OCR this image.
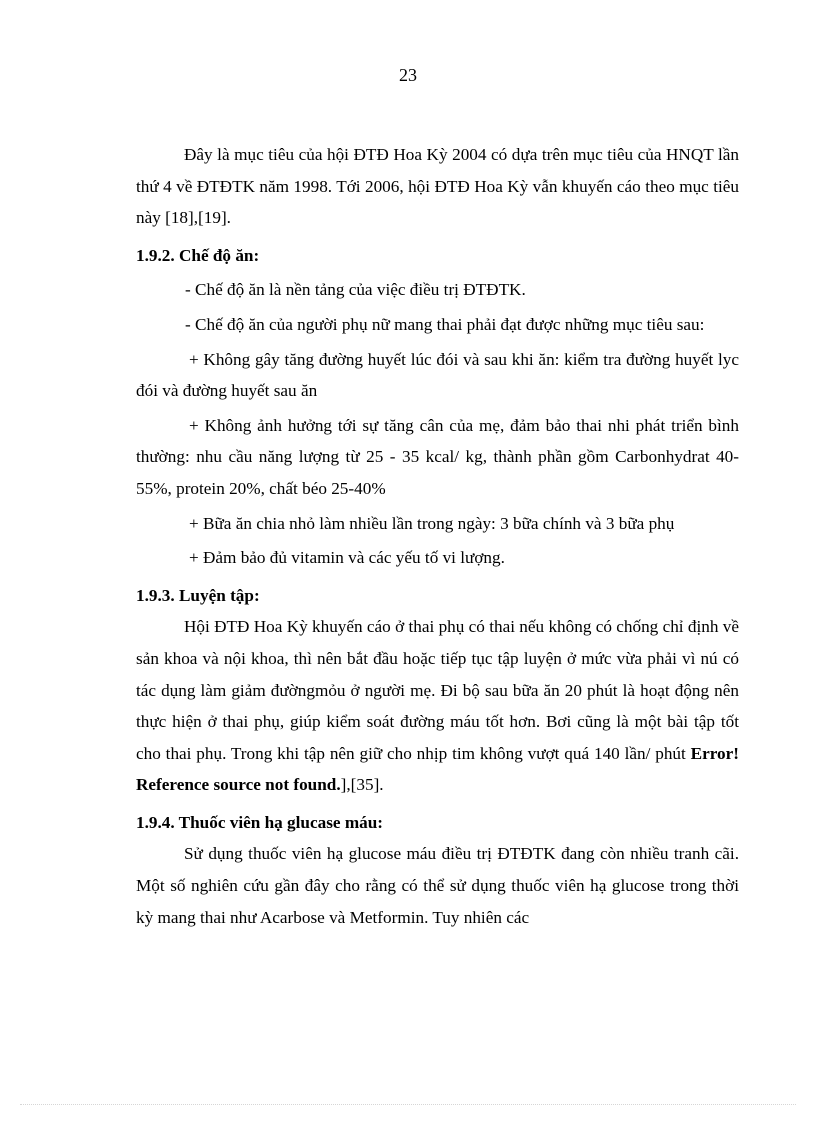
23

Đây là mục tiêu của hội ĐTĐ Hoa Kỳ 2004 có dựa trên mục tiêu của HNQT lần thứ 4 về ĐTĐTK năm 1998. Tới 2006, hội ĐTĐ Hoa Kỳ vẫn khuyến cáo theo mục tiêu này [18],[19].

1.9.2. Chế độ ăn:

- Chế độ ăn là nền tảng của việc điều trị ĐTĐTK.

- Chế độ ăn của người phụ nữ mang thai phải đạt được những mục tiêu sau:

+ Không gây tăng đường huyết lúc đói và sau khi ăn: kiểm tra đường huyết lyc đói và đường huyết sau ăn

+ Không ảnh hưởng tới sự tăng cân của mẹ, đảm bảo thai nhi phát triển bình thường: nhu cầu năng lượng từ 25 - 35 kcal/ kg, thành phần gồm Carbonhydrat 40-55%, protein 20%, chất béo 25-40%

+ Bữa ăn chia nhỏ làm nhiều lần trong ngày: 3 bữa chính và 3 bữa phụ

+ Đảm bảo đủ vitamin và các yếu tố vi lượng.

1.9.3. Luyện tập:

Hội ĐTĐ Hoa Kỳ khuyến cáo ở thai phụ có thai nếu không có chống chỉ định về sản khoa và nội khoa, thì nên bắt đầu hoặc tiếp tục tập luyện ở mức vừa phải vì nú có tác dụng làm giảm đườngmỏu ở người mẹ. Đi bộ sau bữa ăn 20 phút là hoạt động nên thực hiện ở thai phụ, giúp kiểm soát đường máu tốt hơn. Bơi cũng là một bài tập tốt cho thai phụ. Trong khi tập nên giữ cho nhịp tim không vượt quá 140 lần/ phút Error! Reference source not found.],[35].

1.9.4. Thuốc viên hạ glucase máu:

Sử dụng thuốc viên hạ glucose máu điều trị ĐTĐTK đang còn nhiều tranh cãi. Một số nghiên cứu gần đây cho rằng có thể sử dụng thuốc viên hạ glucose trong thời kỳ mang thai như Acarbose và Metformin. Tuy nhiên các
